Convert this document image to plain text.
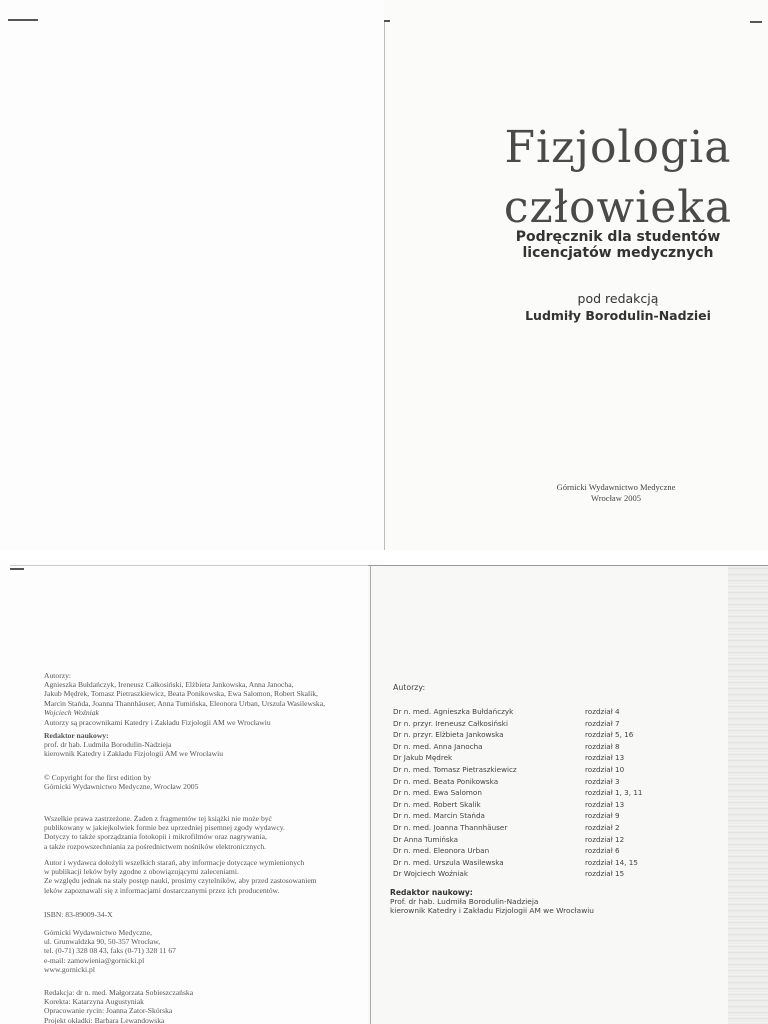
Fizjologia
człowieka
Podręcznik dla studentów
licencjatów medycznych
pod redakcją
Ludmiły Borodulin-Nadziei
Górnicki Wydawnictwo Medyczne
Wrocław 2005
Autorzy:
Agnieszka Bułdańczyk, Ireneusz Całkosiński, Elżbieta Jankowska, Anna Janocha,
Jakub Mędrek, Tomasz Pietraszkiewicz, Beata Ponikowska, Ewa Salomon, Robert Skalik,
Marcin Stańda, Joanna Thannhäuser, Anna Tumińska, Eleonora Urban, Urszula Wasilewska,
Wojciech Woźniak
Autorzy są pracownikami Katedry i Zakładu Fizjologii AM we Wrocławiu
Redaktor naukowy:
prof. dr hab. Ludmiła Borodulin-Nadzieja
kierownik Katedry i Zakładu Fizjologii AM we Wrocławiu
© Copyright for the first edition by
Górnicki Wydawnictwo Medyczne, Wrocław 2005
Wszelkie prawa zastrzeżone. Żaden z fragmentów tej książki nie może być
publikowany w jakiejkolwiek formie bez uprzedniej pisemnej zgody wydawcy.
Dotyczy to także sporządzania fotokopii i mikrofilmów oraz nagrywania,
a także rozpowszechniania za pośrednictwem nośników elektronicznych.
Autor i wydawca dołożyli wszelkich starań, aby informacje dotyczące wymienionych
w publikacji leków były zgodne z obowiązującymi zaleceniami.
Ze względu jednak na stały postęp nauki, prosimy czytelników, aby przed zastosowaniem
leków zapoznawali się z informacjami dostarczanymi przez ich producentów.
ISBN: 83-89009-34-X
Górnicki Wydawnictwo Medyczne,
ul. Grunwaldzka 90, 50-357 Wrocław,
tel. (0-71) 328 08 43, faks (0-71) 328 11 67
e-mail: zamowienia@gornicki.pl
www.gornicki.pl
Redakcja: dr n. med. Małgorzata Sobieszczańska
Korekta: Katarzyna Augustyniak
Opracowanie rycin: Joanna Zator-Skórska
Projekt okładki: Barbara Lewandowska
Autorzy:
Dr n. med. Agnieszka Bułdańczyk	rozdział 4
Dr n. przyr. Ireneusz Całkosiński	rozdział 7
Dr n. przyr. Elżbieta Jankowska	rozdział 5, 16
Dr n. med. Anna Janocha	rozdział 8
Dr Jakub Mędrek	rozdział 13
Dr n. med. Tomasz Pietraszkiewicz	rozdział 10
Dr n. med. Beata Ponikowska	rozdział 3
Dr n. med. Ewa Salomon	rozdział 1, 3, 11
Dr n. med. Robert Skalik	rozdział 13
Dr n. med. Marcin Stańda	rozdział 9
Dr n. med. Joanna Thannhäuser	rozdział 2
Dr Anna Tumińska	rozdział 12
Dr n. med. Eleonora Urban	rozdział 6
Dr n. med. Urszula Wasilewska	rozdział 14, 15
Dr Wojciech Woźniak	rozdział 15
Redaktor naukowy:
Prof. dr hab. Ludmiła Borodulin-Nadzieja
kierownik Katedry i Zakładu Fizjologii AM we Wrocławiu
